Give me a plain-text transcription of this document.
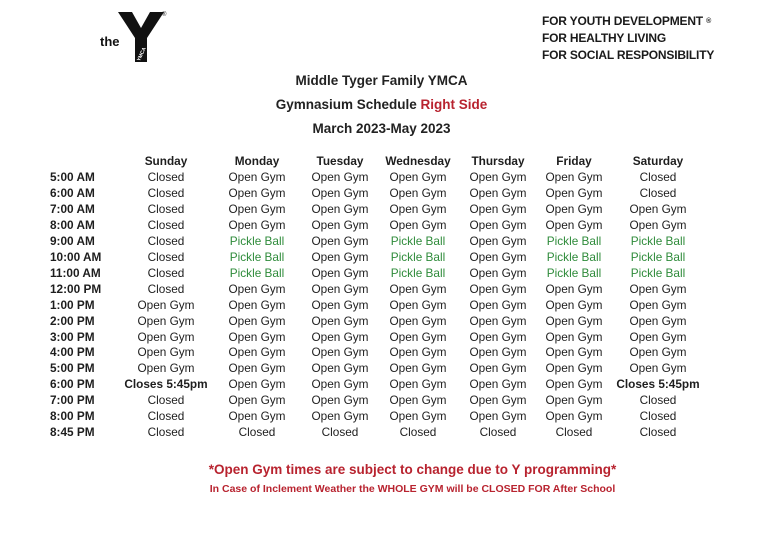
the
YMCA
®	FOR YOUTH DEVELOPMENT ®
FOR HEALTHY LIVING
FOR SOCIAL RESPONSIBILITY
Middle Tyger Family YMCA
Gymnasium Schedule Right Side
March 2023-May 2023
Sunday	Monday	Tuesday	Wednesday	Thursday	Friday	Saturday
5:00 AM	Closed	Open Gym	Open Gym	Open Gym	Open Gym	Open Gym	Closed
6:00 AM	Closed	Open Gym	Open Gym	Open Gym	Open Gym	Open Gym	Closed
7:00 AM	Closed	Open Gym	Open Gym	Open Gym	Open Gym	Open Gym	Open Gym
8:00 AM	Closed	Open Gym	Open Gym	Open Gym	Open Gym	Open Gym	Open Gym
9:00 AM	Closed	Pickle Ball	Open Gym	Pickle Ball	Open Gym	Pickle Ball	Pickle Ball
10:00 AM	Closed	Pickle Ball	Open Gym	Pickle Ball	Open Gym	Pickle Ball	Pickle Ball
11:00 AM	Closed	Pickle Ball	Open Gym	Pickle Ball	Open Gym	Pickle Ball	Pickle Ball
12:00 PM	Closed	Open Gym	Open Gym	Open Gym	Open Gym	Open Gym	Open Gym
1:00 PM	Open Gym	Open Gym	Open Gym	Open Gym	Open Gym	Open Gym	Open Gym
2:00 PM	Open Gym	Open Gym	Open Gym	Open Gym	Open Gym	Open Gym	Open Gym
3:00 PM	Open Gym	Open Gym	Open Gym	Open Gym	Open Gym	Open Gym	Open Gym
4:00 PM	Open Gym	Open Gym	Open Gym	Open Gym	Open Gym	Open Gym	Open Gym
5:00 PM	Open Gym	Open Gym	Open Gym	Open Gym	Open Gym	Open Gym	Open Gym
6:00 PM	Closes 5:45pm	Open Gym	Open Gym	Open Gym	Open Gym	Open Gym	Closes 5:45pm
7:00 PM	Closed	Open Gym	Open Gym	Open Gym	Open Gym	Open Gym	Closed
8:00 PM	Closed	Open Gym	Open Gym	Open Gym	Open Gym	Open Gym	Closed
8:45 PM	Closed	Closed	Closed	Closed	Closed	Closed	Closed
*Open Gym times are subject to change due to Y programming*
In Case of Inclement Weather the WHOLE GYM will be CLOSED FOR After School
